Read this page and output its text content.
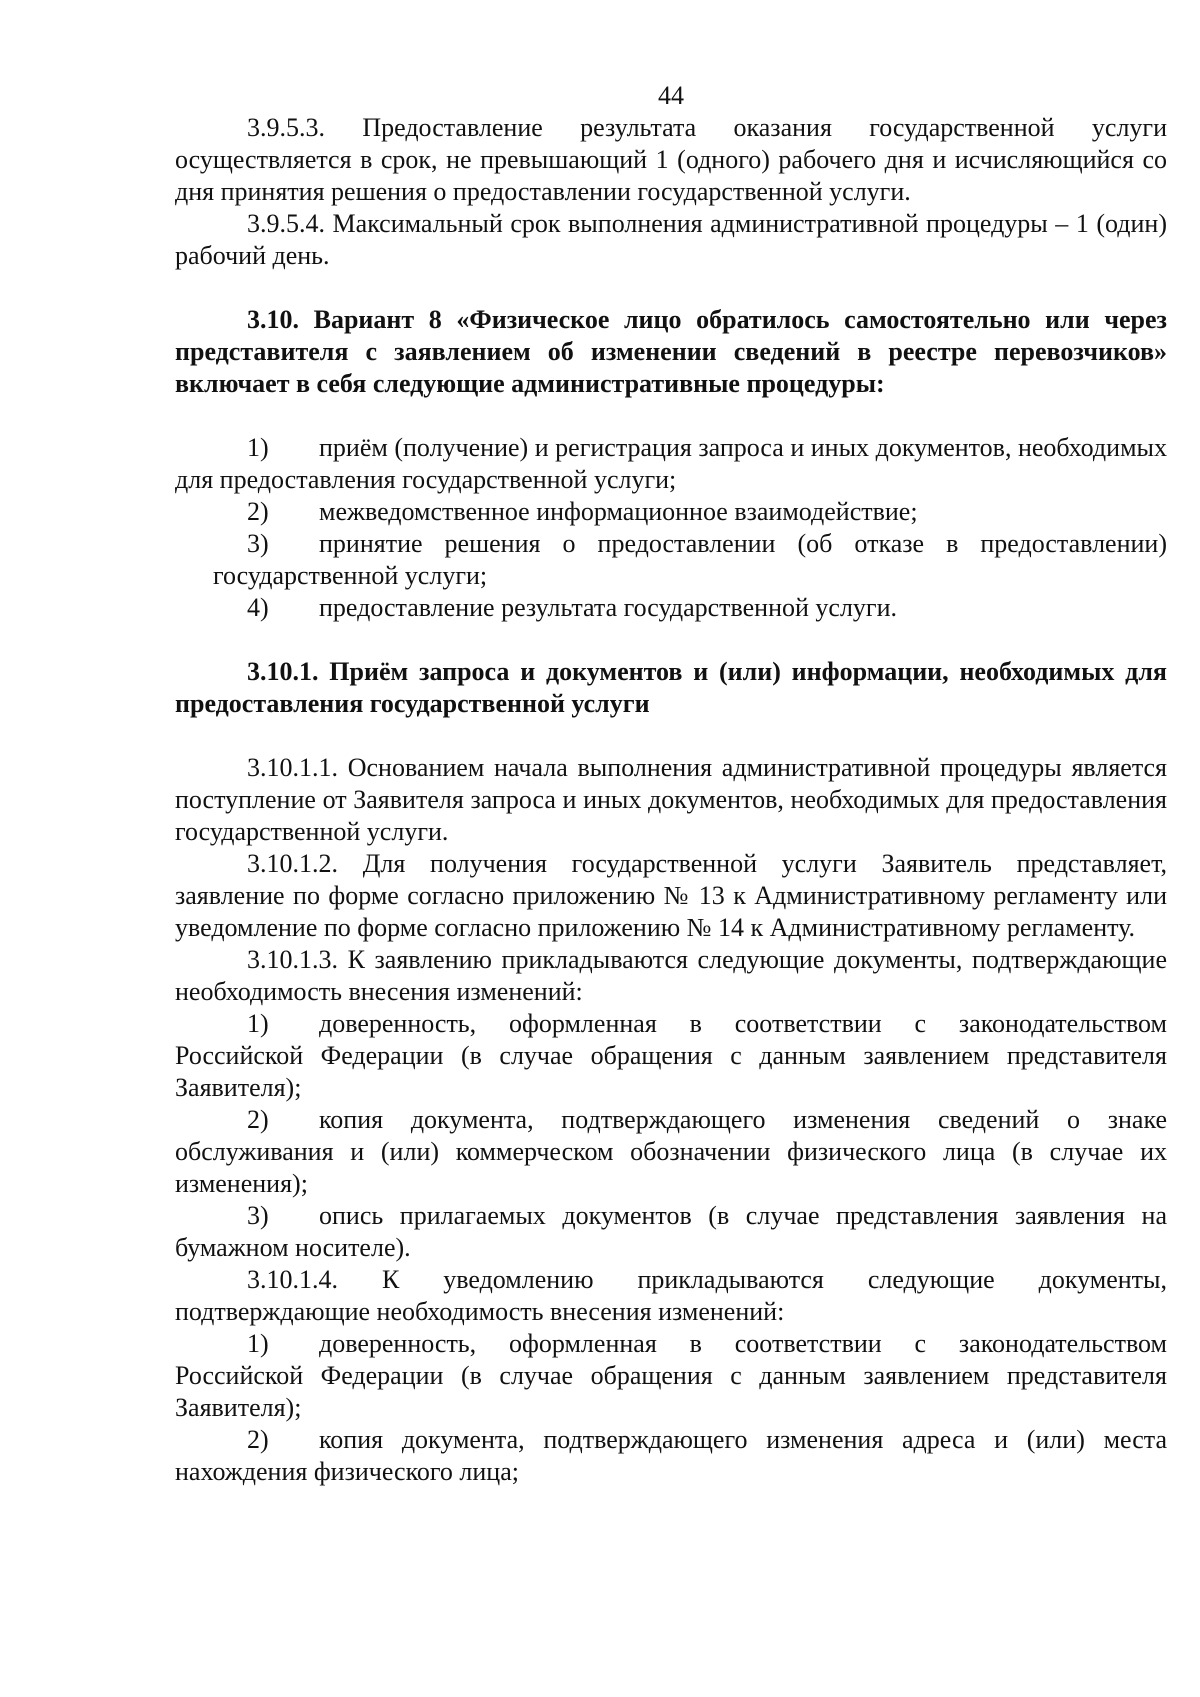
44

3.9.5.3. Предоставление результата оказания государственной услуги осуществляется в срок, не превышающий 1 (одного) рабочего дня и исчисляющийся со дня принятия решения о предоставлении государственной услуги.

3.9.5.4. Максимальный срок выполнения административной процедуры – 1 (один) рабочий день.

3.10. Вариант 8 «Физическое лицо обратилось самостоятельно или через представителя с заявлением об изменении сведений в реестре перевозчиков» включает в себя следующие административные процедуры:

1) приём (получение) и регистрация запроса и иных документов, необходимых для предоставления государственной услуги;

2) межведомственное информационное взаимодействие;

3) принятие решения о предоставлении (об отказе в предоставлении) государственной услуги;

4) предоставление результата государственной услуги.

3.10.1. Приём запроса и документов и (или) информации, необходимых для предоставления государственной услуги

3.10.1.1. Основанием начала выполнения административной процедуры является поступление от Заявителя запроса и иных документов, необходимых для предоставления государственной услуги.

3.10.1.2. Для получения государственной услуги Заявитель представляет, заявление по форме согласно приложению № 13 к Административному регламенту или уведомление по форме согласно приложению № 14 к Административному регламенту.

3.10.1.3. К заявлению прикладываются следующие документы, подтверждающие необходимость внесения изменений:

1) доверенность, оформленная в соответствии с законодательством Российской Федерации (в случае обращения с данным заявлением представителя Заявителя);

2) копия документа, подтверждающего изменения сведений о знаке обслуживания и (или) коммерческом обозначении физического лица (в случае их изменения);

3) опись прилагаемых документов (в случае представления заявления на бумажном носителе).

3.10.1.4. К уведомлению прикладываются следующие документы, подтверждающие необходимость внесения изменений:

1) доверенность, оформленная в соответствии с законодательством Российской Федерации (в случае обращения с данным заявлением представителя Заявителя);

2) копия документа, подтверждающего изменения адреса и (или) места нахождения физического лица;
